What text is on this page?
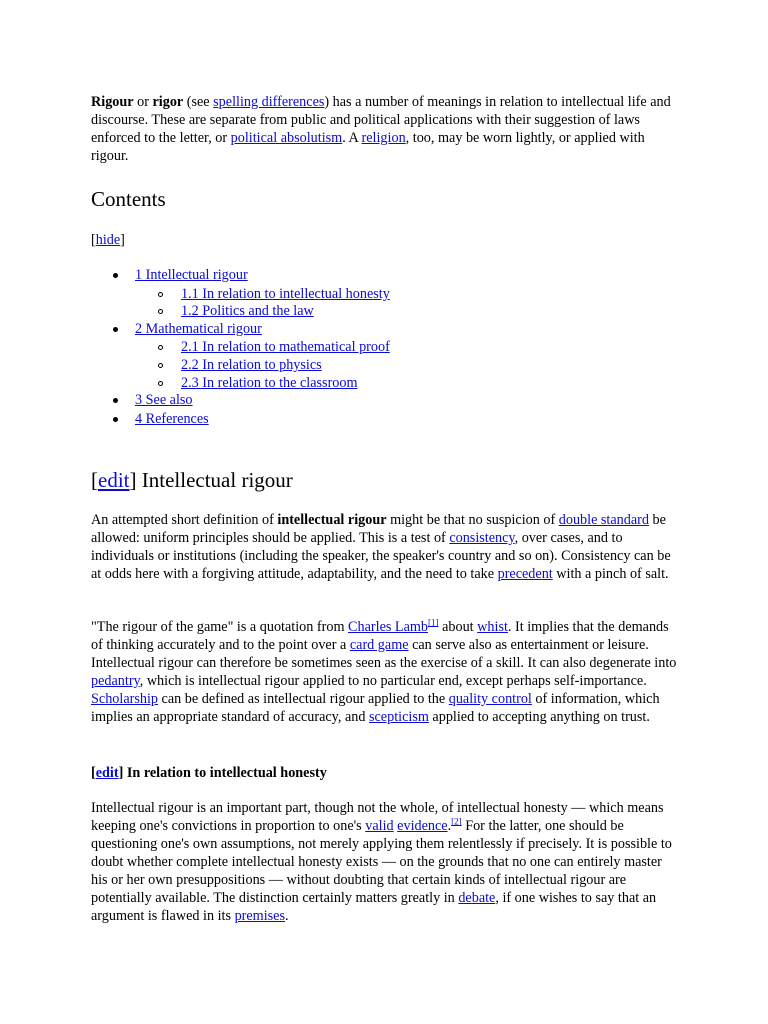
Rigour or rigor (see spelling differences) has a number of meanings in relation to intellectual life and discourse. These are separate from public and political applications with their suggestion of laws enforced to the letter, or political absolutism. A religion, too, may be worn lightly, or applied with rigour.

Contents
[hide]
1 Intellectual rigour
1.1 In relation to intellectual honesty
1.2 Politics and the law
2 Mathematical rigour
2.1 In relation to mathematical proof
2.2 In relation to physics
2.3 In relation to the classroom
3 See also
4 References
[edit] Intellectual rigour

An attempted short definition of intellectual rigour might be that no suspicion of double standard be allowed: uniform principles should be applied. This is a test of consistency, over cases, and to individuals or institutions (including the speaker, the speaker's country and so on). Consistency can be at odds here with a forgiving attitude, adaptability, and the need to take precedent with a pinch of salt.

"The rigour of the game" is a quotation from Charles Lamb[1] about whist. It implies that the demands of thinking accurately and to the point over a card game can serve also as entertainment or leisure. Intellectual rigour can therefore be sometimes seen as the exercise of a skill. It can also degenerate into pedantry, which is intellectual rigour applied to no particular end, except perhaps self-importance. Scholarship can be defined as intellectual rigour applied to the quality control of information, which implies an appropriate standard of accuracy, and scepticism applied to accepting anything on trust.

[edit] In relation to intellectual honesty

Intellectual rigour is an important part, though not the whole, of intellectual honesty — which means keeping one's convictions in proportion to one's valid evidence.[2] For the latter, one should be questioning one's own assumptions, not merely applying them relentlessly if precisely. It is possible to doubt whether complete intellectual honesty exists — on the grounds that no one can entirely master his or her own presuppositions — without doubting that certain kinds of intellectual rigour are potentially available. The distinction certainly matters greatly in debate, if one wishes to say that an argument is flawed in its premises.
